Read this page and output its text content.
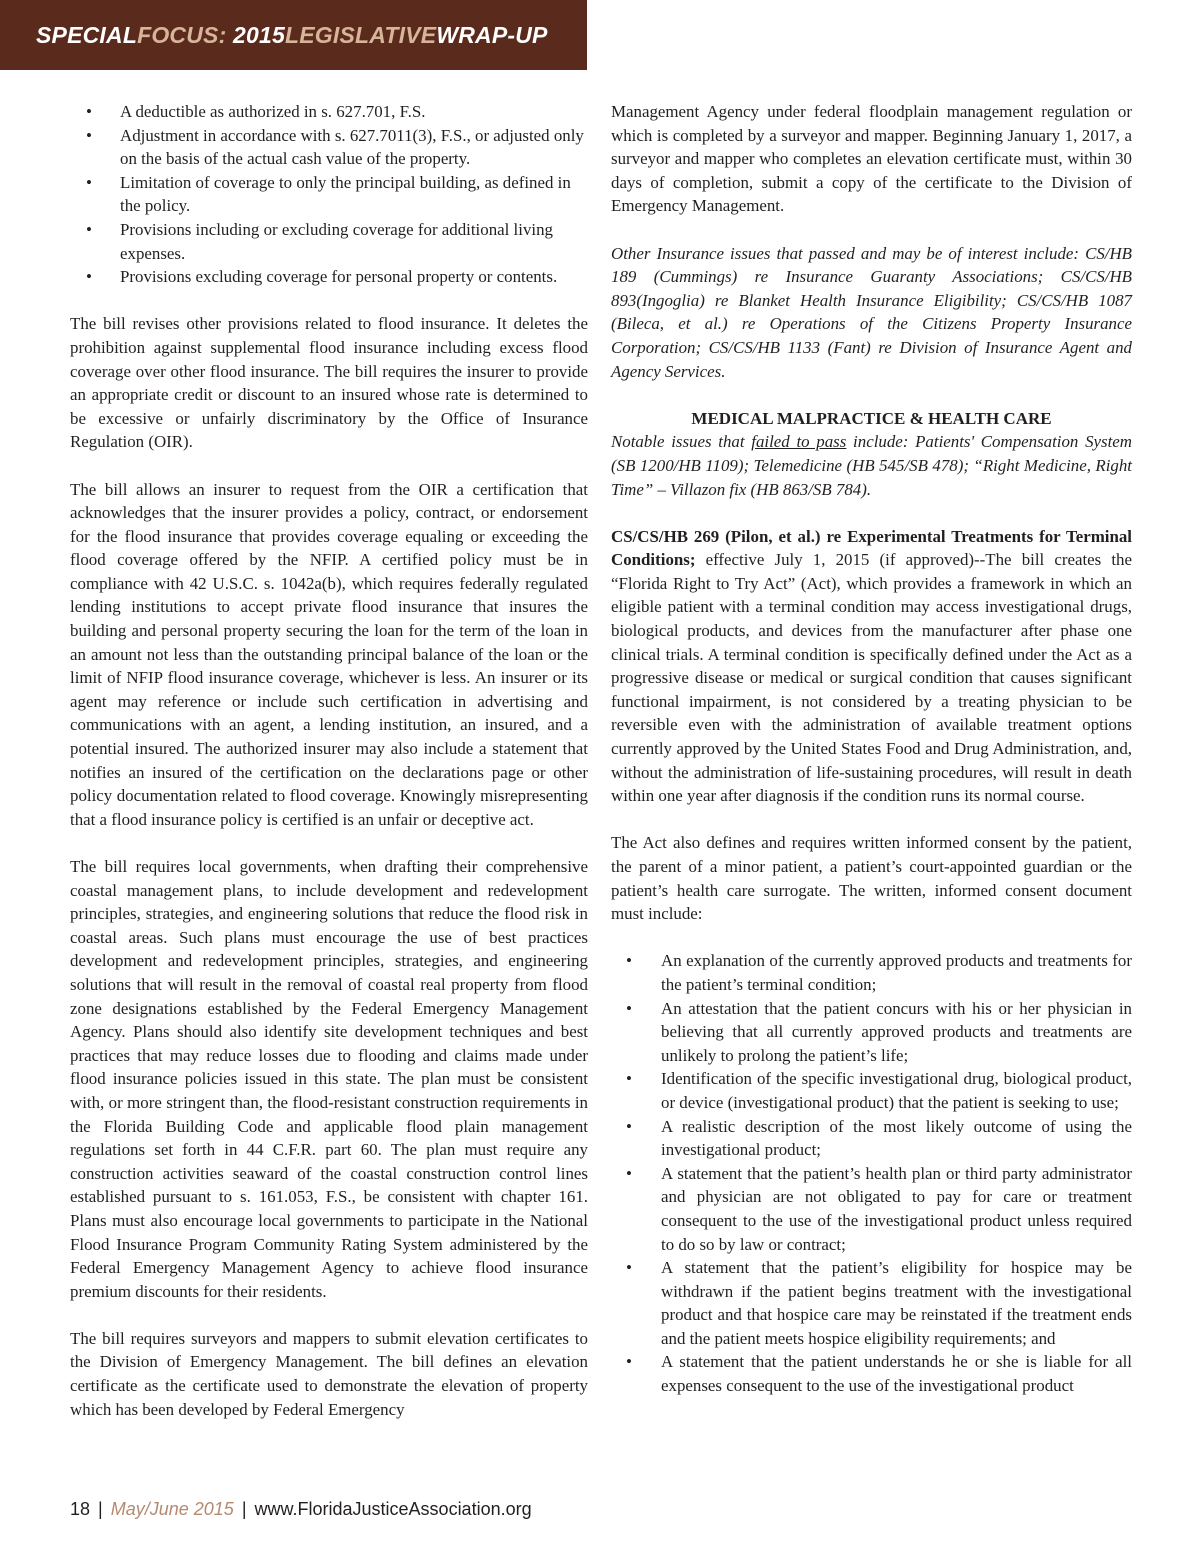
SPECIALFOCUS: 2015LEGISLATIVEWRAP-UP
• A deductible as authorized in s. 627.701, F.S.
• Adjustment in accordance with s. 627.7011(3), F.S., or adjusted only on the basis of the actual cash value of the property.
• Limitation of coverage to only the principal building, as defined in the policy.
• Provisions including or excluding coverage for additional living expenses.
• Provisions excluding coverage for personal property or contents.

The bill revises other provisions related to flood insurance. It deletes the prohibition against supplemental flood insurance including excess flood coverage over other flood insurance. The bill requires the insurer to provide an appropriate credit or discount to an insured whose rate is determined to be excessive or unfairly discriminatory by the Office of Insurance Regulation (OIR).

The bill allows an insurer to request from the OIR a certification that acknowledges that the insurer provides a policy, contract, or endorsement for the flood insurance that provides coverage equaling or exceeding the flood coverage offered by the NFIP. A certified policy must be in compliance with 42 U.S.C. s. 1042a(b), which requires federally regulated lending institutions to accept private flood insurance that insures the building and personal property securing the loan for the term of the loan in an amount not less than the outstanding principal balance of the loan or the limit of NFIP flood insurance coverage, whichever is less. An insurer or its agent may reference or include such certification in advertising and communications with an agent, a lending institution, an insured, and a potential insured. The authorized insurer may also include a statement that notifies an insured of the certification on the declarations page or other policy documentation related to flood coverage. Knowingly misrepresenting that a flood insurance policy is certified is an unfair or deceptive act.

The bill requires local governments, when drafting their comprehensive coastal management plans, to include development and redevelopment principles, strategies, and engineering solutions that reduce the flood risk in coastal areas. Such plans must encourage the use of best practices development and redevelopment principles, strategies, and engineering solutions that will result in the removal of coastal real property from flood zone designations established by the Federal Emergency Management Agency. Plans should also identify site development techniques and best practices that may reduce losses due to flooding and claims made under flood insurance policies issued in this state. The plan must be consistent with, or more stringent than, the flood-resistant construction requirements in the Florida Building Code and applicable flood plain management regulations set forth in 44 C.F.R. part 60. The plan must require any construction activities seaward of the coastal construction control lines established pursuant to s. 161.053, F.S., be consistent with chapter 161. Plans must also encourage local governments to participate in the National Flood Insurance Program Community Rating System administered by the Federal Emergency Management Agency to achieve flood insurance premium discounts for their residents.

The bill requires surveyors and mappers to submit elevation certificates to the Division of Emergency Management. The bill defines an elevation certificate as the certificate used to demonstrate the elevation of property which has been developed by Federal Emergency

Management Agency under federal floodplain management regulation or which is completed by a surveyor and mapper. Beginning January 1, 2017, a surveyor and mapper who completes an elevation certificate must, within 30 days of completion, submit a copy of the certificate to the Division of Emergency Management.

Other Insurance issues that passed and may be of interest include: CS/HB 189 (Cummings) re Insurance Guaranty Associations; CS/CS/HB 893(Ingoglia) re Blanket Health Insurance Eligibility; CS/CS/HB 1087 (Bileca, et al.) re Operations of the Citizens Property Insurance Corporation; CS/CS/HB 1133 (Fant) re Division of Insurance Agent and Agency Services.

MEDICAL MALPRACTICE & HEALTH CARE

Notable issues that failed to pass include: Patients' Compensation System (SB 1200/HB 1109); Telemedicine (HB 545/SB 478); “Right Medicine, Right Time” – Villazon fix (HB 863/SB 784).

CS/CS/HB 269 (Pilon, et al.) re Experimental Treatments for Terminal Conditions; effective July 1, 2015 (if approved)--The bill creates the “Florida Right to Try Act” (Act), which provides a framework in which an eligible patient with a terminal condition may access investigational drugs, biological products, and devices from the manufacturer after phase one clinical trials. A terminal condition is specifically defined under the Act as a progressive disease or medical or surgical condition that causes significant functional impairment, is not considered by a treating physician to be reversible even with the administration of available treatment options currently approved by the United States Food and Drug Administration, and, without the administration of life-sustaining procedures, will result in death within one year after diagnosis if the condition runs its normal course.

The Act also defines and requires written informed consent by the patient, the parent of a minor patient, a patient’s court-appointed guardian or the patient’s health care surrogate. The written, informed consent document must include:

• An explanation of the currently approved products and treatments for the patient’s terminal condition;
• An attestation that the patient concurs with his or her physician in believing that all currently approved products and treatments are unlikely to prolong the patient’s life;
• Identification of the specific investigational drug, biological product, or device (investigational product) that the patient is seeking to use;
• A realistic description of the most likely outcome of using the investigational product;
• A statement that the patient’s health plan or third party administrator and physician are not obligated to pay for care or treatment consequent to the use of the investigational product unless required to do so by law or contract;
• A statement that the patient’s eligibility for hospice may be withdrawn if the patient begins treatment with the investigational product and that hospice care may be reinstated if the treatment ends and the patient meets hospice eligibility requirements; and
• A statement that the patient understands he or she is liable for all expenses consequent to the use of the investigational product
18 | May/June 2015 | www.FloridaJusticeAssociation.org
